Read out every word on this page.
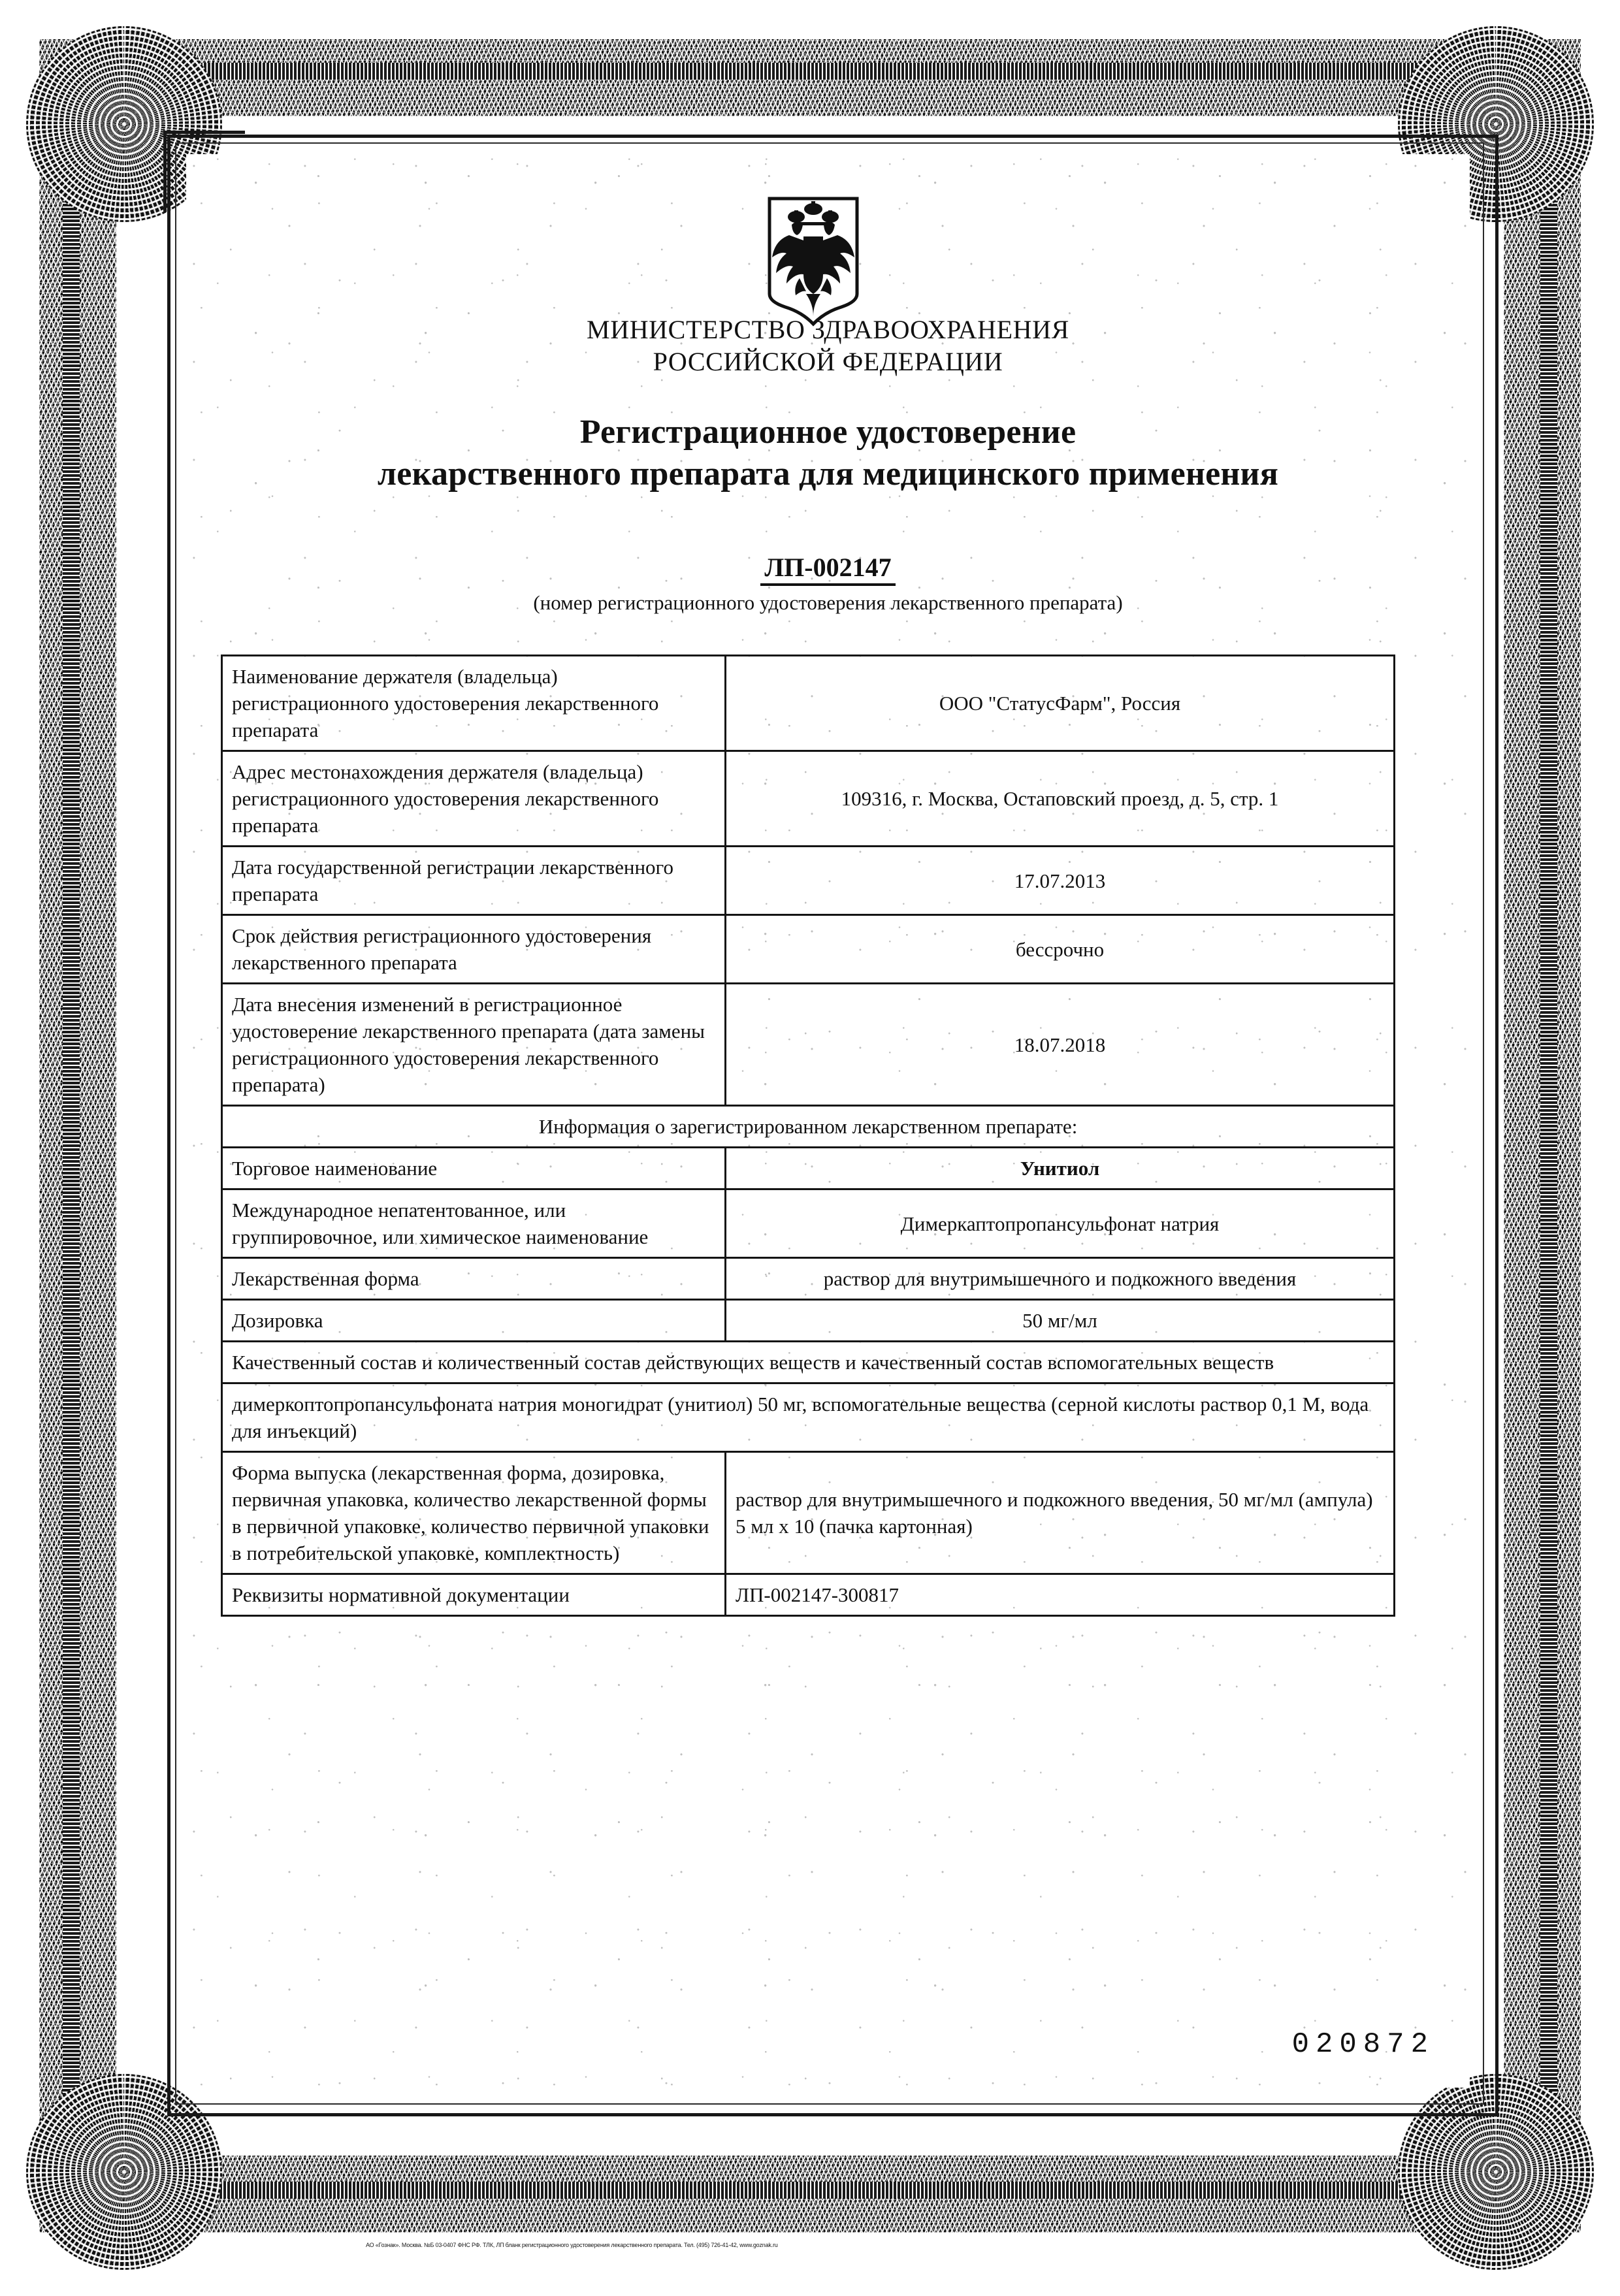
МИНИСТЕРСТВО ЗДРАВООХРАНЕНИЯ
РОССИЙСКОЙ ФЕДЕРАЦИИ
Регистрационное удостоверение
лекарственного препарата для медицинского применения
ЛП-002147
(номер регистрационного удостоверения лекарственного препарата)
Наименование держателя (владельца) регистрационного удостоверения лекарственного препарата	ООО "СтатусФарм", Россия
Адрес местонахождения держателя (владельца) регистрационного удостоверения лекарственного препарата	109316, г. Москва, Остаповский проезд, д. 5, стр. 1
Дата государственной регистрации лекарственного препарата	17.07.2013
Срок действия регистрационного удостоверения лекарственного препарата	бессрочно
Дата внесения изменений в регистрационное удостоверение лекарственного препарата (дата замены регистрационного удостоверения лекарственного препарата)	18.07.2018
Информация о зарегистрированном лекарственном препарате:	
Торговое наименование	Унитиол
Международное непатентованное, или группировочное, или химическое наименование	Димеркаптопропансульфонат натрия
Лекарственная форма	раствор для внутримышечного и подкожного введения
Дозировка	50 мг/мл
Качественный состав и количественный состав действующих веществ и качественный состав вспомогательных веществ	
димеркоптопропансульфоната натрия моногидрат (унитиол) 50 мг, вспомогательные вещества (серной кислоты раствор 0,1 М, вода для инъекций)	
Форма выпуска (лекарственная форма, дозировка, первичная упаковка, количество лекарственной формы в первичной упаковке, количество первичной упаковки в потребительской упаковке, комплектность)	раствор для внутримышечного и подкожного введения, 50 мг/мл (ампула) 5 мл х 10 (пачка картонная)
Реквизиты нормативной документации	ЛП-002147-300817
020872
АО «Гознак». Москва. №Б 03-0407 ФНС РФ. ТЛК, ЛП бланк регистрационного удостоверения лекарственного препарата. Тел. (495) 726-41-42, www.goznak.ru
